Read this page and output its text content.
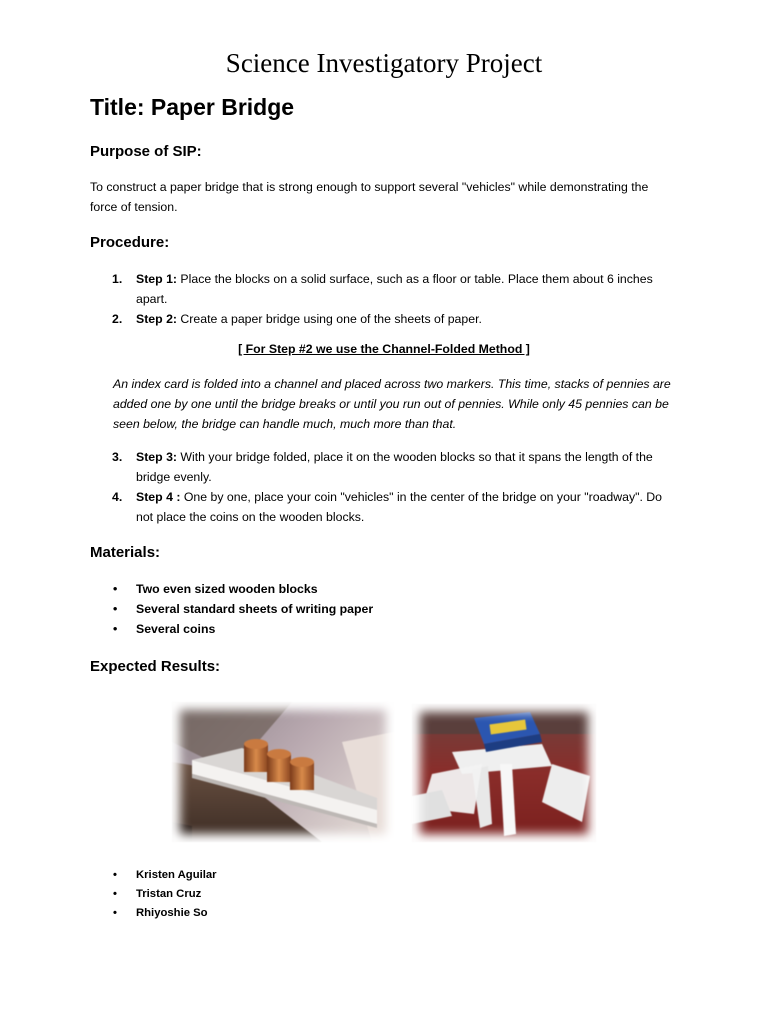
Science Investigatory Project
Title: Paper Bridge
Purpose of SIP:

To construct a paper bridge that is strong enough to support several "vehicles" while demonstrating the force of tension.

Procedure:
1. Step 1: Place the blocks on a solid surface, such as a floor or table. Place them about 6 inches apart.
2. Step 2: Create a paper bridge using one of the sheets of paper.

[ For Step #2 we use the Channel-Folded Method ]

An index card is folded into a channel and placed across two markers. This time, stacks of pennies are added one by one until the bridge breaks or until you run out of pennies. While only 45 pennies can be seen below, the bridge can handle much, much more than that.

3. Step 3: With your bridge folded, place it on the wooden blocks so that it spans the length of the bridge evenly.
4. Step 4 : One by one, place your coin "vehicles" in the center of the bridge on your "roadway". Do not place the coins on the wooden blocks.
Materials:
• Two even sized wooden blocks
• Several standard sheets of writing paper
• Several coins
Expected Results:
• Kristen Aguilar
• Tristan Cruz
• Rhiyoshie So
